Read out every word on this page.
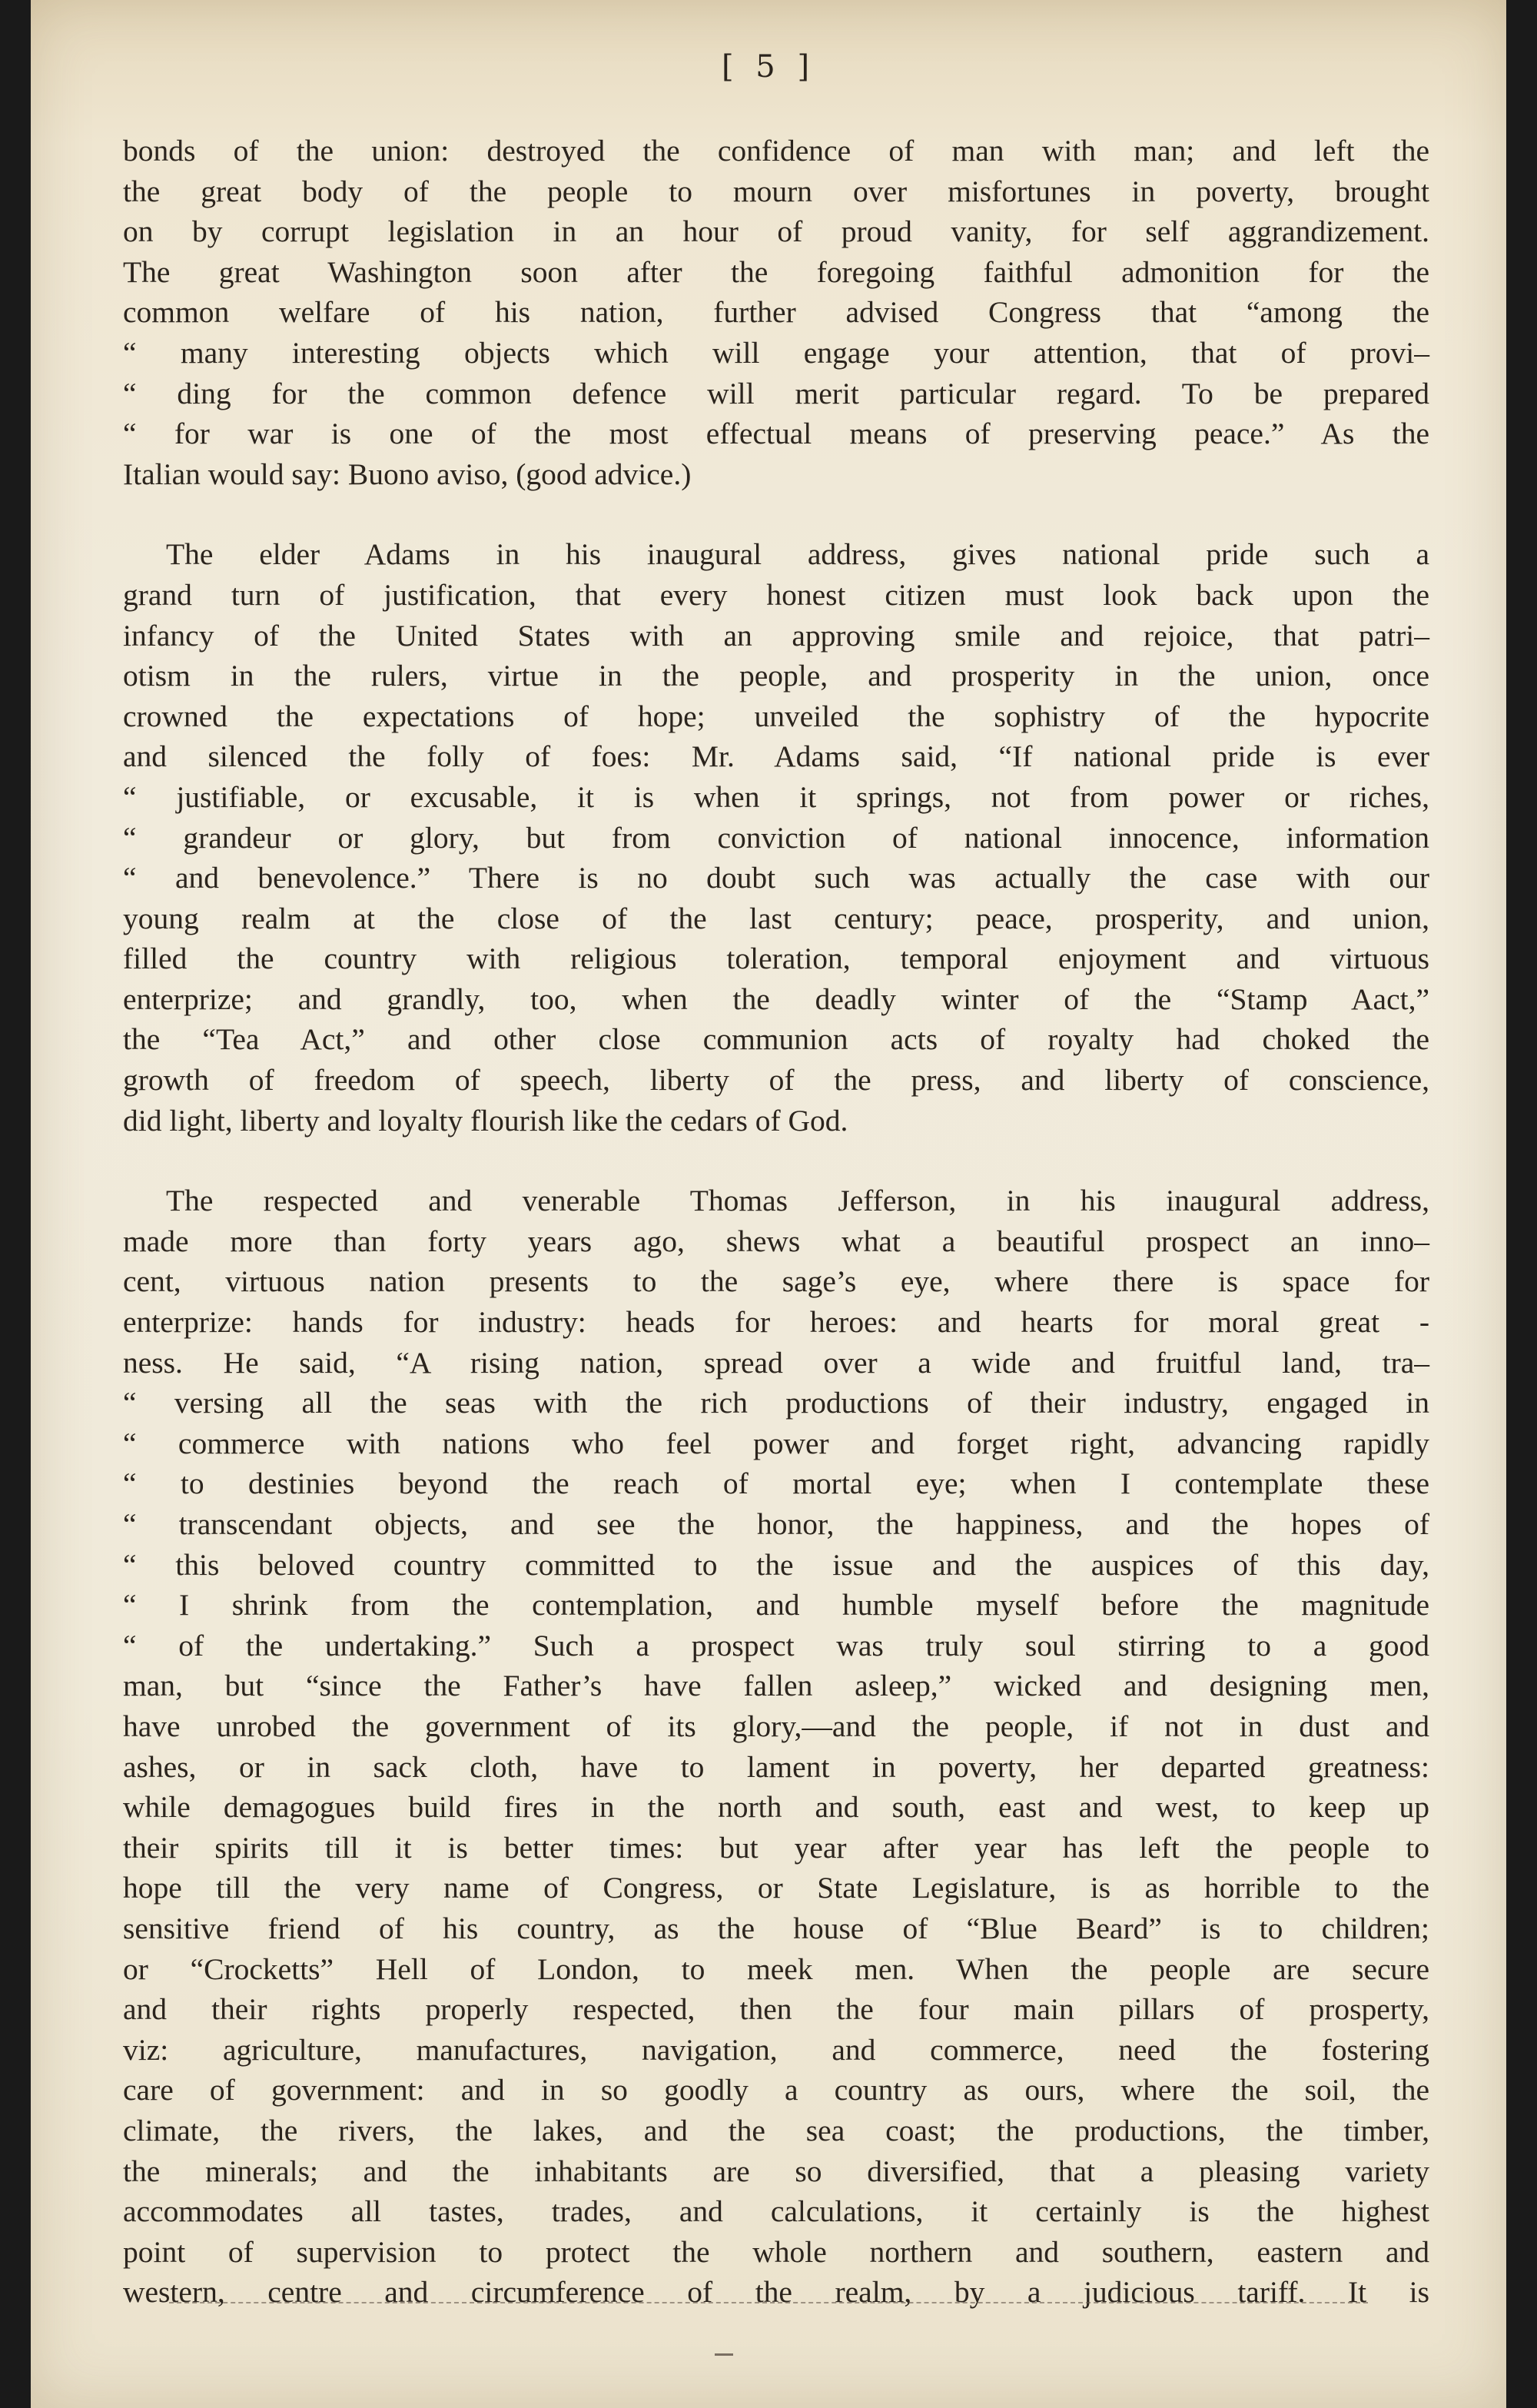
[ 5 ]
bonds of the union: destroyed the confidence of man with man; and left the
the great body of the people to mourn over misfortunes in poverty, brought
on by corrupt legislation in an hour of proud vanity, for self aggrandizement.
The great Washington soon after the foregoing faithful admonition for the
common welfare of his nation, further advised Congress that “among the
“ many interesting objects which will engage your attention, that of provi–
“ ding for the common defence will merit particular regard. To be prepared
“ for war is one of the most effectual means of preserving peace.” As the
Italian would say: Buono aviso, (good advice.)
The elder Adams in his inaugural address, gives national pride such a
grand turn of justification, that every honest citizen must look back upon the
infancy of the United States with an approving smile and rejoice, that patri–
otism in the rulers, virtue in the people, and prosperity in the union, once
crowned the expectations of hope; unveiled the sophistry of the hypocrite
and silenced the folly of foes: Mr. Adams said, “If national pride is ever
“ justifiable, or excusable, it is when it springs, not from power or riches,
“ grandeur or glory, but from conviction of national innocence, information
“ and benevolence.” There is no doubt such was actually the case with our
young realm at the close of the last century; peace, prosperity, and union,
filled the country with religious toleration, temporal enjoyment and virtuous
enterprize; and grandly, too, when the deadly winter of the “Stamp Aact,”
the “Tea Act,” and other close communion acts of royalty had choked the
growth of freedom of speech, liberty of the press, and liberty of conscience,
did light, liberty and loyalty flourish like the cedars of God.
The respected and venerable Thomas Jefferson, in his inaugural address,
made more than forty years ago, shews what a beautiful prospect an inno–
cent, virtuous nation presents to the sage’s eye, where there is space for
enterprize: hands for industry: heads for heroes: and hearts for moral great -
ness. He said, “A rising nation, spread over a wide and fruitful land, tra–
“ versing all the seas with the rich productions of their industry, engaged in
“ commerce with nations who feel power and forget right, advancing rapidly
“ to destinies beyond the reach of mortal eye; when I contemplate these
“ transcendant objects, and see the honor, the happiness, and the hopes of
“ this beloved country committed to the issue and the auspices of this day,
“ I shrink from the contemplation, and humble myself before the magnitude
“ of the undertaking.” Such a prospect was truly soul stirring to a good
man, but “since the Father’s have fallen asleep,” wicked and designing men,
have unrobed the government of its glory,—and the people, if not in dust and
ashes, or in sack cloth, have to lament in poverty, her departed greatness:
while demagogues build fires in the north and south, east and west, to keep up
their spirits till it is better times: but year after year has left the people to
hope till the very name of Congress, or State Legislature, is as horrible to the
sensitive friend of his country, as the house of “Blue Beard” is to children;
or “Crocketts” Hell of London, to meek men. When the people are secure
and their rights properly respected, then the four main pillars of prosperty,
viz: agriculture, manufactures, navigation, and commerce, need the fostering
care of government: and in so goodly a country as ours, where the soil, the
climate, the rivers, the lakes, and the sea coast; the productions, the timber,
the minerals; and the inhabitants are so diversified, that a pleasing variety
accommodates all tastes, trades, and calculations, it certainly is the highest
point of supervision to protect the whole northern and southern, eastern and
western, centre and circumference of the realm, by a judicious tariff. It is
